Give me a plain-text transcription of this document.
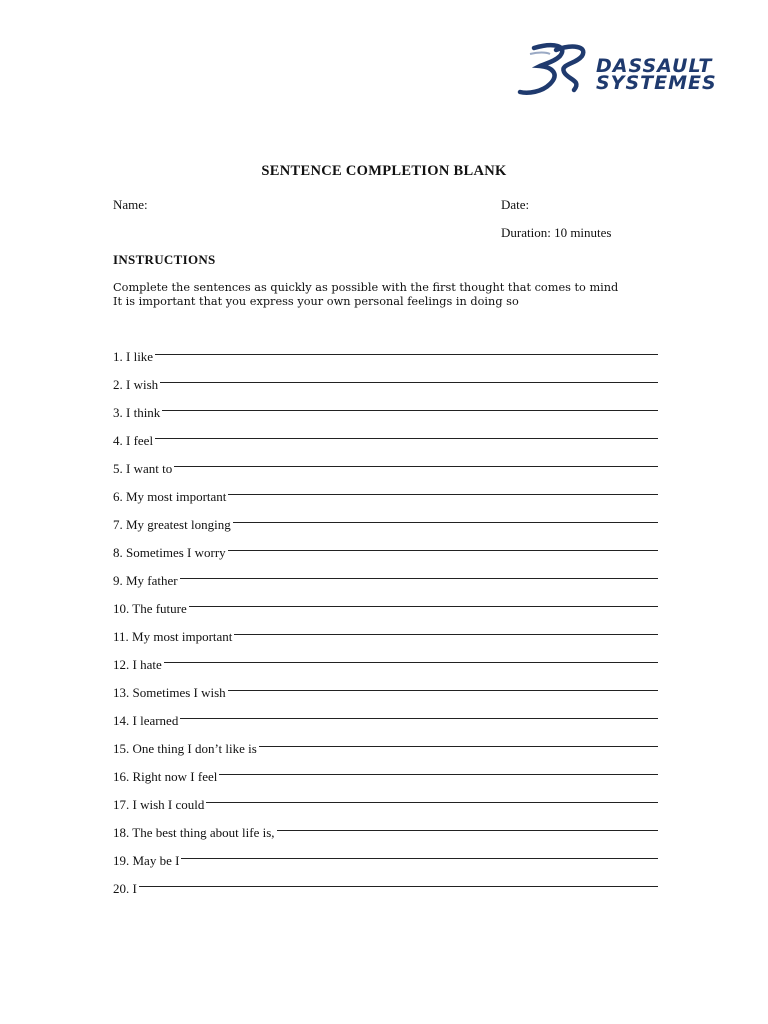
DASSAULT
SYSTEMES
SENTENCE COMPLETION BLANK
Name:	Date:
Duration: 10 minutes
INSTRUCTIONS
Complete the sentences as quickly as possible with the first thought that comes to mind
It is important that you express your own personal feelings in doing so
1. I like
2. I wish
3. I think
4. I feel
5. I want to
6. My most important
7. My greatest longing
8. Sometimes I worry
9. My father
10. The future
11. My most important
12. I hate
13. Sometimes I wish
14. I learned
15. One thing I don’t like is
16. Right now I feel
17. I wish I could
18. The best thing about life is,
19. May be I
20. I
